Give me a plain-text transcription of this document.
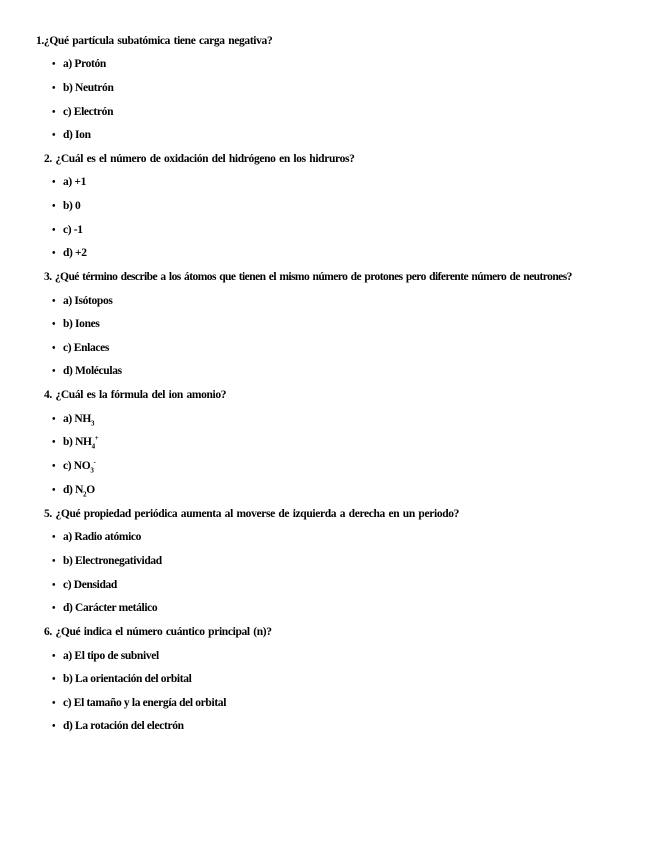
1.¿Qué partícula subatómica tiene carga negativa?
• a) Protón
• b) Neutrón
• c) Electrón
• d) Ion
2. ¿Cuál es el número de oxidación del hidrógeno en los hidruros?
• a) +1
• b) 0
• c) -1
• d) +2
3. ¿Qué término describe a los átomos que tienen el mismo número de protones pero diferente número de neutrones?
• a) Isótopos
• b) Iones
• c) Enlaces
• d) Moléculas
4. ¿Cuál es la fórmula del ion amonio?
• a) $NH_3$
• b) $NH_4^+$
• c) $NO_3^-$
• d) $N_2O$
5. ¿Qué propiedad periódica aumenta al moverse de izquierda a derecha en un periodo?
• a) Radio atómico
• b) Electronegatividad
• c) Densidad
• d) Carácter metálico
6. ¿Qué indica el número cuántico principal (n)?
• a) El tipo de subnivel
• b) La orientación del orbital
• c) El tamaño y la energía del orbital
• d) La rotación del electrón
